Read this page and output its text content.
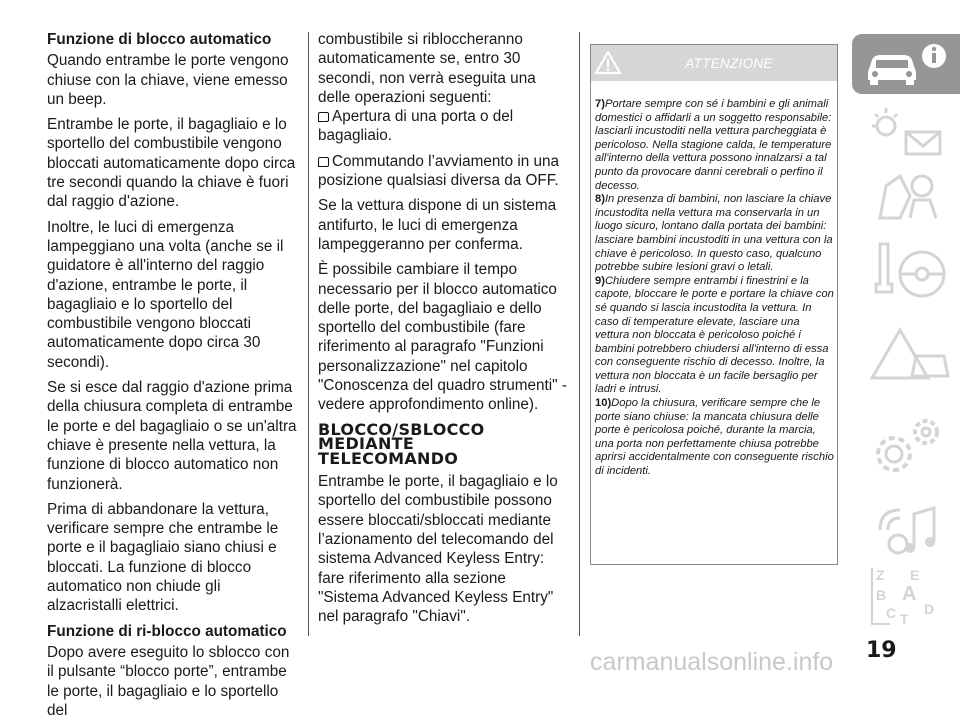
Funzione di blocco automatico

Quando entrambe le porte vengono chiuse con la chiave, viene emesso un beep.

Entrambe le porte, il bagagliaio e lo sportello del combustibile vengono bloccati automaticamente dopo circa tre secondi quando la chiave è fuori dal raggio d'azione.

Inoltre, le luci di emergenza lampeggiano una volta (anche se il guidatore è all'interno del raggio d'azione, entrambe le porte, il bagagliaio e lo sportello del combustibile vengono bloccati automaticamente dopo circa 30 secondi).

Se si esce dal raggio d'azione prima della chiusura completa di entrambe le porte e del bagagliaio o se un'altra chiave è presente nella vettura, la funzione di blocco automatico non funzionerà.

Prima di abbandonare la vettura, verificare sempre che entrambe le porte e il bagagliaio siano chiusi e bloccati. La funzione di blocco automatico non chiude gli alzacristalli elettrici.

Funzione di ri-blocco automatico

Dopo avere eseguito lo sblocco con il pulsante “blocco porte”, entrambe le porte, il bagagliaio e lo sportello del

combustibile si riblоccheranno automaticamente se, entro 30 secondi, non verrà eseguita una delle operazioni seguenti:

Apertura di una porta o del bagagliaio.

Commutando l’avviamento in una posizione qualsiasi diversa da OFF.

Se la vettura dispone di un sistema antifurto, le luci di emergenza lampeggeranno per conferma.

È possibile cambiare il tempo necessario per il blocco automatico delle porte, del bagagliaio e dello sportello del combustibile (fare riferimento al paragrafo "Funzioni personalizzazione" nel capitolo "Conoscenza del quadro strumenti" - vedere approfondimento online).

BLOCCO/SBLOCCO
MEDIANTE
TELECOMANDO

Entrambe le porte, il bagagliaio e lo sportello del combustibile possono essere bloccati/sbloccati mediante l’azionamento del telecomando del sistema Advanced Keyless Entry: fare riferimento alla sezione "Sistema Advanced Keyless Entry" nel paragrafo "Chiavi".

ATTENZIONE

7)Portare sempre con sé i bambini e gli animali domestici o affidarli a un soggetto responsabile: lasciarli incustoditi nella vettura parcheggiata è pericoloso. Nella stagione calda, le temperature all'interno della vettura possono innalzarsi a tal punto da provocare danni cerebrali o perfino il decesso.

8)In presenza di bambini, non lasciare la chiave incustodita nella vettura ma conservarla in un luogo sicuro, lontano dalla portata dei bambini: lasciare bambini incustoditi in una vettura con la chiave è pericoloso. In questo caso, qualcuno potrebbe subire lesioni gravi o letali.

9)Chiudere sempre entrambi i finestrini e la capote, bloccare le porte e portare la chiave con sé quando si lascia incustodita la vettura. In caso di temperature elevate, lasciare una vettura non bloccata è pericoloso poiché i bambini potrebbero chiudersi all'interno di essa con conseguente rischio di decesso. Inoltre, la vettura non bloccata è un facile bersaglio per ladri e intrusi.

10)Dopo la chiusura, verificare sempre che le porte siano chiuse: la mancata chiusura delle porte è pericolosa poiché, durante la marcia, una porta non perfettamente chiusa potrebbe aprirsi accidentalmente con conseguente rischio di incidenti.

Z E
B A
C T
D
19
carmanualsonline.info
